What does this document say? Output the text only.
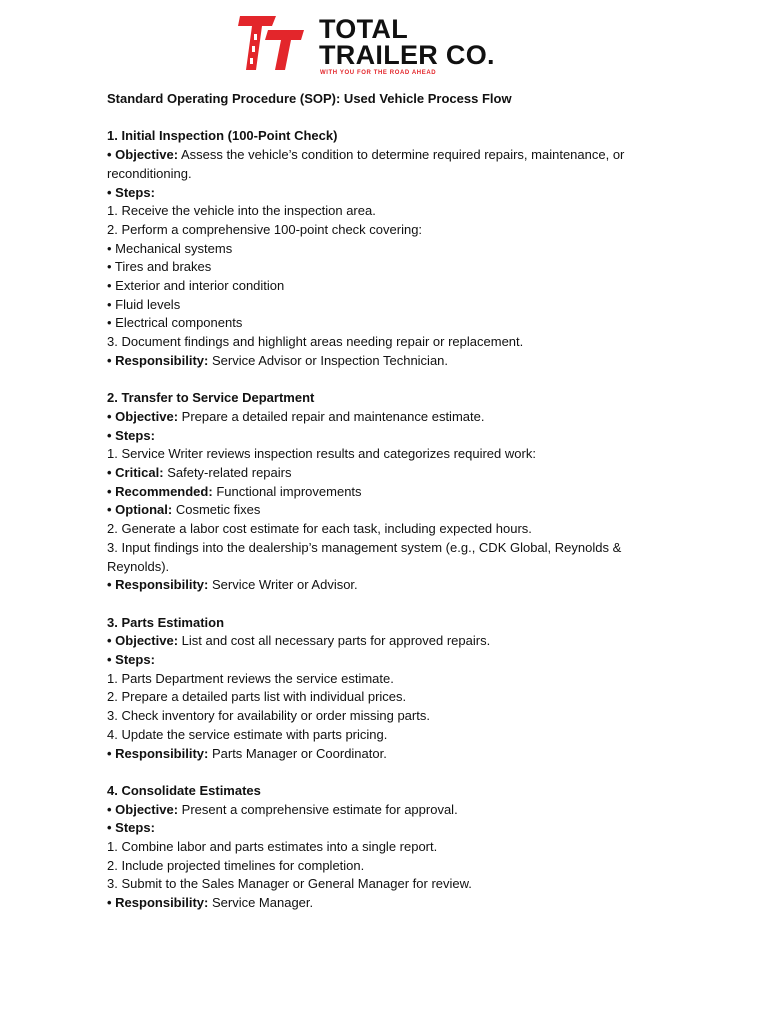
TOTAL
TRAILER CO.
WITH YOU FOR THE ROAD AHEAD

Standard Operating Procedure (SOP): Used Vehicle Process Flow

1. Initial Inspection (100-Point Check)

• Objective: Assess the vehicle’s condition to determine required repairs, maintenance, or reconditioning.

• Steps:

1. Receive the vehicle into the inspection area.

2. Perform a comprehensive 100-point check covering:

• Mechanical systems

• Tires and brakes

• Exterior and interior condition

• Fluid levels

• Electrical components

3. Document findings and highlight areas needing repair or replacement.

• Responsibility: Service Advisor or Inspection Technician.

2. Transfer to Service Department

• Objective: Prepare a detailed repair and maintenance estimate.

• Steps:

1. Service Writer reviews inspection results and categorizes required work:

• Critical: Safety-related repairs

• Recommended: Functional improvements

• Optional: Cosmetic fixes

2. Generate a labor cost estimate for each task, including expected hours.

3. Input findings into the dealership’s management system (e.g., CDK Global, Reynolds & Reynolds).

• Responsibility: Service Writer or Advisor.

3. Parts Estimation

• Objective: List and cost all necessary parts for approved repairs.

• Steps:

1. Parts Department reviews the service estimate.

2. Prepare a detailed parts list with individual prices.

3. Check inventory for availability or order missing parts.

4. Update the service estimate with parts pricing.

• Responsibility: Parts Manager or Coordinator.

4. Consolidate Estimates

• Objective: Present a comprehensive estimate for approval.

• Steps:

1. Combine labor and parts estimates into a single report.

2. Include projected timelines for completion.

3. Submit to the Sales Manager or General Manager for review.

• Responsibility: Service Manager.
